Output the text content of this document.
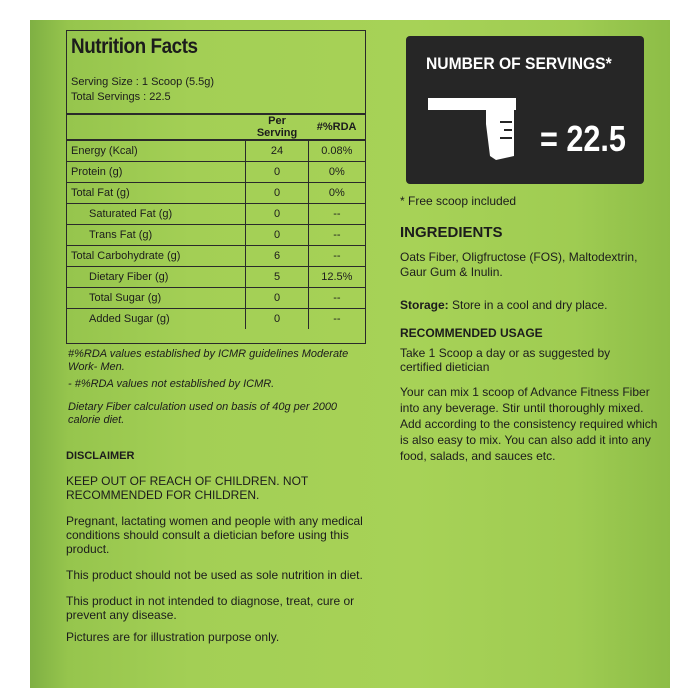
Nutrition Facts
Serving Size : 1 Scoop (5.5g)
Total Servings : 22.5
	Per Serving	#%RDA
Energy (Kcal)	24	0.08%
Protein (g)	0	0%
Total Fat (g)	0	0%
Saturated Fat (g)	0	--
Trans Fat (g)	0	--
Total Carbohydrate (g)	6	--
Dietary Fiber (g)	5	12.5%
Total Sugar (g)	0	--
Added Sugar (g)	0	--

#%RDA values established by ICMR guidelines Moderate Work- Men.

- #%RDA values not established by ICMR.

Dietary Fiber calculation used on basis of 40g per 2000 calorie diet.

DISCLAIMER

KEEP OUT OF REACH OF CHILDREN. NOT RECOMMENDED FOR CHILDREN.

Pregnant, lactating women and people with any medical conditions should consult a dietician before using this product.

This product should not be used as sole nutrition in diet.

This product in not intended to diagnose, treat, cure or prevent any disease.

Pictures are for illustration purpose only.

NUMBER OF SERVINGS*
= 22.5
* Free scoop included
INGREDIENTS
Oats Fiber, Oligfructose (FOS), Maltodextrin, Gaur Gum & Inulin.
Storage: Store in a cool and dry place.
RECOMMENDED USAGE
Take 1 Scoop a day or as suggested by certified dietician
Your can mix 1 scoop of Advance Fitness Fiber into any beverage. Stir until thoroughly mixed. Add according to the consistency required which is also easy to mix. You can also add it into any food, salads, and sauces etc.
